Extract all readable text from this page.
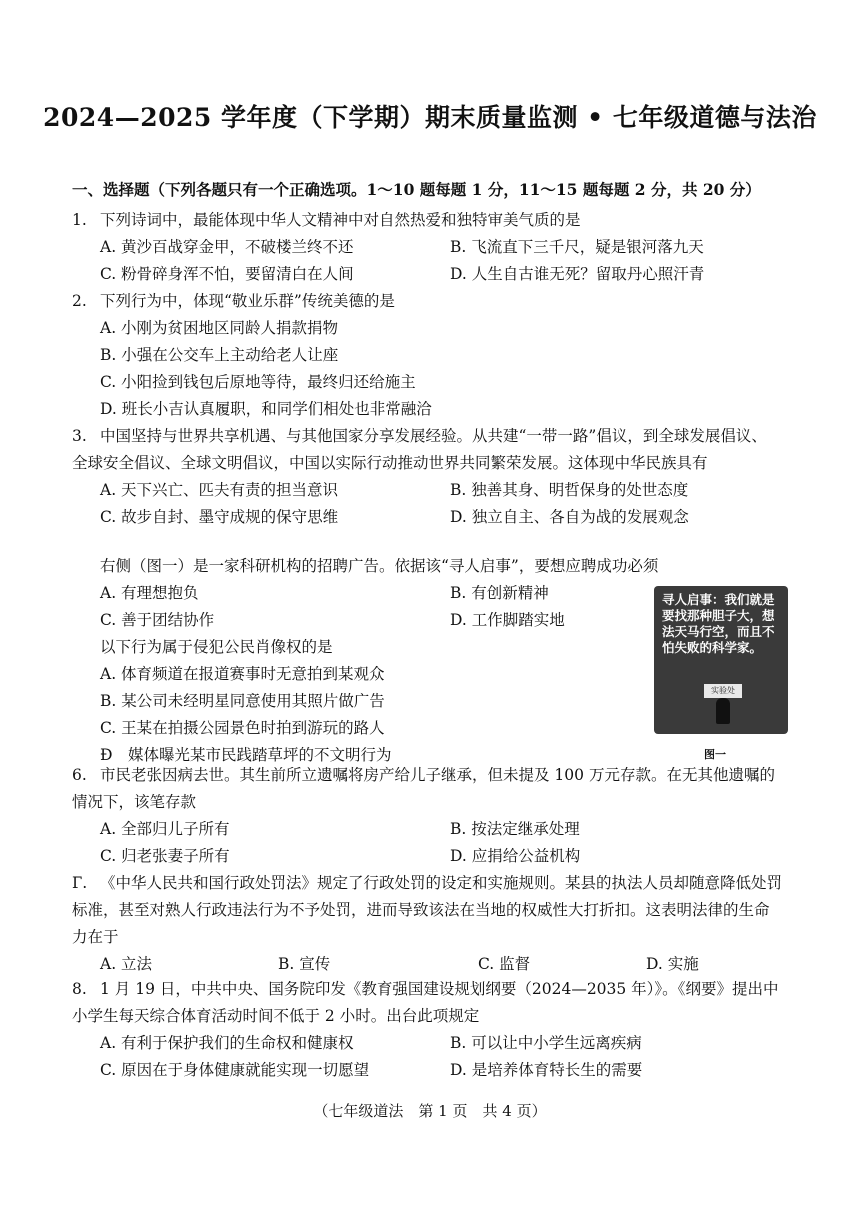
2024—2025 学年度（下学期）期末质量监测 • 七年级道德与法治
一、选择题（下列各题只有一个正确选项。1～10 题每题 1 分，11～15 题每题 2 分，共 20 分）
1. 下列诗词中，最能体现中华人文精神中对自然热爱和独特审美气质的是
A. 黄沙百战穿金甲，不破楼兰终不还	B. 飞流直下三千尺，疑是银河落九天
C. 粉骨碎身浑不怕，要留清白在人间	D. 人生自古谁无死？留取丹心照汗青
2. 下列行为中，体现“敬业乐群”传统美德的是
A. 小刚为贫困地区同龄人捐款捐物
B. 小强在公交车上主动给老人让座
C. 小阳捡到钱包后原地等待，最终归还给施主
D. 班长小吉认真履职，和同学们相处也非常融洽
3. 中国坚持与世界共享机遇、与其他国家分享发展经验。从共建“一带一路”倡议，到全球发展倡议、全球安全倡议、全球文明倡议，中国以实际行动推动世界共同繁荣发展。这体现中华民族具有
A. 天下兴亡、匹夫有责的担当意识	B. 独善其身、明哲保身的处世态度
C. 故步自封、墨守成规的保守思维	D. 独立自主、各自为战的发展观念
右侧（图一）是一家科研机构的招聘广告。依据该“寻人启事”，要想应聘成功必须
A. 有理想抱负	B. 有创新精神
C. 善于团结协作	D. 工作脚踏实地
以下行为属于侵犯公民肖像权的是
A. 体育频道在报道赛事时无意拍到某观众
B. 某公司未经明星同意使用其照片做广告
C. 王某在拍摄公园景色时拍到游玩的路人
Ɖ　媒体曝光某市民践踏草坪的不文明行为
寻人启事：我们就是要找那种胆子大，想法天马行空，而且不怕失败的科学家。
实验处
图一
6. 市民老张因病去世。其生前所立遗嘱将房产给儿子继承，但未提及 100 万元存款。在无其他遗嘱的情况下，该笔存款
A. 全部归儿子所有	B. 按法定继承处理
C. 归老张妻子所有	D. 应捐给公益机构
Г. 《中华人民共和国行政处罚法》规定了行政处罚的设定和实施规则。某县的执法人员却随意降低处罚标准，甚至对熟人行政违法行为不予处罚，进而导致该法在当地的权威性大打折扣。这表明法律的生命力在于
A. 立法	B. 宣传	C. 监督	D. 实施
8. 1 月 19 日，中共中央、国务院印发《教育强国建设规划纲要（2024—2035 年）》。《纲要》提出中小学生每天综合体育活动时间不低于 2 小时。出台此项规定
A. 有利于保护我们的生命权和健康权	B. 可以让中小学生远离疾病
C. 原因在于身体健康就能实现一切愿望	D. 是培养体育特长生的需要
（七年级道法　第 1 页　共 4 页）
